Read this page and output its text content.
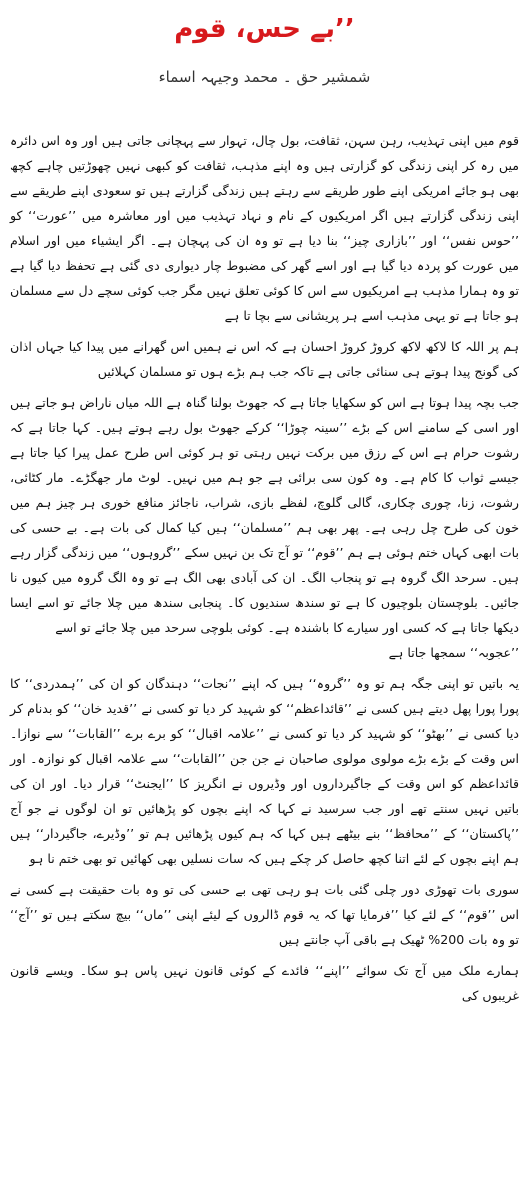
’’بے حس، قوم
شمشیر حق ۔ محمد وجیہہ اسماء

قوم میں اپنی تہذیب، رہن سہن، ثقافت، بول چال، تہوار سے پہچانی جاتی ہیں اور وہ اس دائرہ میں رہ کر اپنی زندگی کو گزارتی ہیں وہ اپنے مذہب، ثقافت کو کبھی نہیں چھوڑتیں چاہے کچھ بھی ہو جائے امریکی اپنے طور طریقے سے رہتے ہیں زندگی گزارتے ہیں تو سعودی اپنے طریقے سے اپنی زندگی گزارتے ہیں اگر امریکیوں کے نام و نہاد تہذیب میں اور معاشرہ میں ’’عورت‘‘ کو ’’حوس نفس‘‘ اور ’’بازاری چیز‘‘ بنا دیا ہے تو وہ ان کی پہچان ہے۔ اگر ایشیاء میں اور اسلام میں عورت کو پردہ دیا گیا ہے اور اسے گھر کی مضبوط چار دیواری دی گئی ہے تحفظ دیا گیا ہے تو وہ ہمارا مذہب ہے امریکیوں سے اس کا کوئی تعلق نہیں مگر جب کوئی سچے دل سے مسلمان ہو جاتا ہے تو یہی مذہب اسے ہر پریشانی سے بچا تا ہے

ہم پر اللہ کا لاکھ لاکھ کروڑ کروڑ احسان ہے کہ اس نے ہمیں اس گھرانے میں پیدا کیا جہاں اذان کی گونج پیدا ہوتے ہی سنائی جاتی ہے تاکہ جب ہم بڑے ہوں تو مسلمان کہلائیں

جب بچہ پیدا ہوتا ہے اس کو سکھایا جاتا ہے کہ جھوٹ بولنا گناہ ہے اللہ میاں ناراض ہو جاتے ہیں اور اسی کے سامنے اس کے بڑے ’’سینہ چوڑا‘‘ کرکے جھوٹ بول رہے ہوتے ہیں۔ کہا جاتا ہے کہ رشوت حرام ہے اس کے رزق میں برکت نہیں رہتی تو ہر کوئی اس طرح عمل پیرا کیا جاتا ہے جیسے ثواب کا کام ہے۔ وہ کون سی برائی ہے جو ہم میں نہیں۔ لوٹ مار جھگڑے۔ مار کٹائی، رشوت، زنا، چوری چکاری، گالی گلوچ، لفظے بازی، شراب، ناجائز منافع خوری ہر چیز ہم میں خون کی طرح چل رہی ہے۔ پھر بھی ہم ’’مسلمان‘‘ ہیں کیا کمال کی بات ہے۔ بے حسی کی بات ابھی کہاں ختم ہوئی ہے ہم ’’قوم‘‘ تو آج تک بن نہیں سکے ’’گروہوں‘‘ میں زندگی گزار رہے ہیں۔ سرحد الگ گروہ ہے تو پنجاب الگ۔ ان کی آبادی بھی الگ ہے تو وہ الگ گروہ میں کیوں نا جائیں۔ بلوچستان بلوچیوں کا ہے تو سندھ سندیوں کا۔ پنجابی سندھ میں چلا جائے تو اسے ایسا دیکھا جاتا ہے کہ کسی اور سیارے کا باشندہ ہے۔ کوئی بلوچی سرحد میں چلا جائے تو اسے

’’عجوبہ‘‘ سمجھا جاتا ہے

یہ باتیں تو اپنی جگہ ہم تو وہ ’’گروہ‘‘ ہیں کہ اپنے ’’نجات‘‘ دہندگان کو ان کی ’’ہمدردی‘‘ کا پورا پورا پھل دیتے ہیں کسی نے ’’قائداعظم‘‘ کو شہید کر دیا تو کسی نے ’’قدید خان‘‘ کو بدنام کر دیا کسی نے ’’بھٹو‘‘ کو شہید کر دیا تو کسی نے ’’علامہ اقبال‘‘ کو برے برے ’’القابات‘‘ سے نوازا۔ اس وقت کے بڑے بڑے مولوی مولوی صاحبان نے جن جن ’’القابات‘‘ سے علامہ اقبال کو نوازہ۔ اور قائداعظم کو اس وقت کے جاگیرداروں اور وڈیروں نے انگریز کا ’’ایجنٹ‘‘ قرار دیا۔ اور ان کی باتیں نہیں سنتے تھے اور جب سرسید نے کہا کہ اپنے بچوں کو پڑھائیں تو ان لوگوں نے جو آج ’’پاکستان‘‘ کے ’’محافظ‘‘ بنے بیٹھے ہیں کہا کہ ہم کیوں پڑھائیں ہم تو ’’وڈیرے، جاگیردار‘‘ ہیں ہم اپنے بچوں کے لئے اتنا کچھ حاصل کر چکے ہیں کہ سات نسلیں بھی کھائیں تو بھی ختم نا ہو

سوری بات تھوڑی دور چلی گئی بات ہو رہی تھی بے حسی کی تو وہ بات حقیقت ہے کسی نے اس ’’قوم‘‘ کے لئے کیا ’’فرمایا تھا کہ یہ قوم ڈالروں کے لیئے اپنی ’’ماں‘‘ بیچ سکتے ہیں تو ’’آج‘‘ تو وہ بات 200% ٹھیک ہے باقی آپ جانتے ہیں

ہمارے ملک میں آج تک سوائے ’’اپنے‘‘ فائدے کے کوئی قانون نہیں پاس ہو سکا۔ ویسے قانون غریبوں کی
